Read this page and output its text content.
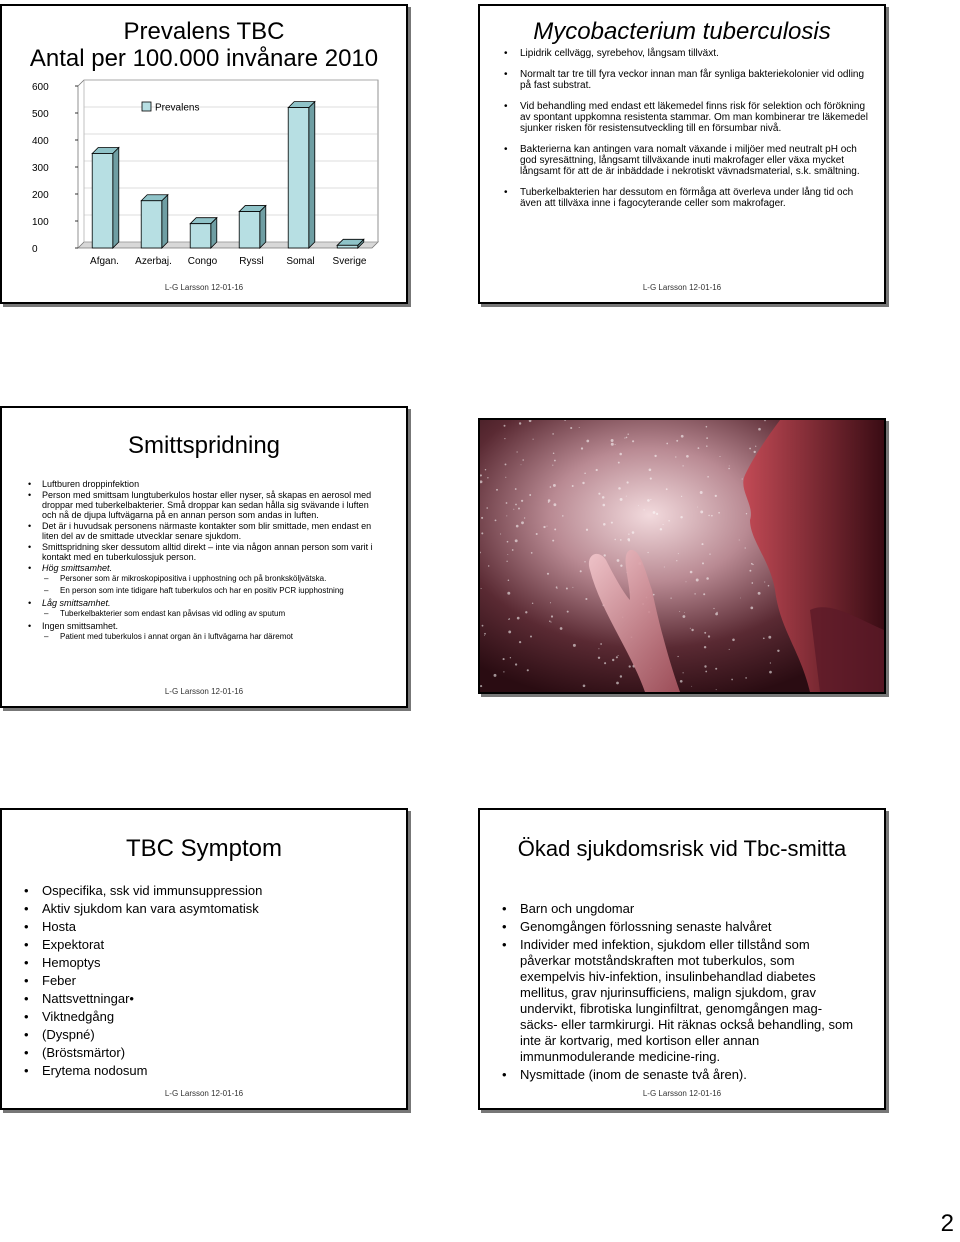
Prevalens TBC
Antal per 100.000 invånare 2010
0
100
200
300
400
500
600
Afgan. Azerbaj. Congo Ryssl Somal Sverige
Prevalens
L-G Larsson 12-01-16
Mycobacterium tuberculosis
• Lipidrik cellvägg, syrebehov, långsam tillväxt.
• Normalt tar tre till fyra veckor innan man får synliga bakteriekolonier vid odling på fast substrat.
• Vid behandling med endast ett läkemedel finns risk för selektion och förökning av spontant uppkomna resistenta stammar. Om man kombinerar tre läkemedel sjunker risken för resistensutveckling till en försumbar nivå.
• Bakterierna kan antingen vara nomalt växande i miljöer med neutralt pH och god syresättning, långsamt tillväxande inuti makrofager eller växa mycket långsamt för att de är inbäddade i nekrotiskt vävnadsmaterial, s.k. smältning.
• Tuberkelbakterien har dessutom en förmåga att överleva under lång tid och även att tillväxa inne i fagocyterande celler som makrofager.
L-G Larsson 12-01-16
Smittspridning
• Luftburen droppinfektion
• Person med smittsam lungtuberkulos hostar eller nyser, så skapas en aerosol med droppar med tuberkelbakterier. Små droppar kan sedan hålla sig svävande i luften och nå de djupa luftvägarna på en annan person som andas in luften.
• Det är i huvudsak personens närmaste kontakter som blir smittade, men endast en liten del av de smittade utvecklar senare sjukdom.
• Smittspridning sker dessutom alltid direkt – inte via någon annan person som varit i kontakt med en tuberkulossjuk person.
• Hög smittsamhet.
– Personer som är mikroskopipositiva i upphostning och på bronksköljvätska.
– En person som inte tidigare haft tuberkulos och har en positiv PCR iupphostning
• Låg smittsamhet.
– Tuberkelbakterier som endast kan påvisas vid odling av sputum
• Ingen smittsamhet.
– Patient med tuberkulos i annat organ än i luftvägarna har däremot
L-G Larsson 12-01-16
TBC Symptom
• Ospecifika, ssk vid immunsuppression
• Aktiv sjukdom kan vara asymtomatisk
• Hosta
• Expektorat
• Hemoptys
• Feber
• Nattsvettningar•
• Viktnedgång
• (Dyspné)
• (Bröstsmärtor)
• Erytema nodosum
L-G Larsson 12-01-16
Ökad sjukdomsrisk vid Tbc-smitta
• Barn och ungdomar
• Genomgången förlossning senaste halvåret
• Individer med infektion, sjukdom eller tillstånd som påverkar motståndskraften mot tuberkulos, som exempelvis hiv-infektion, insulinbehandlad diabetes mellitus, grav njurinsufficiens, malign sjukdom, grav undervikt, fibrotiska lunginfiltrat, genomgången mag-säcks- eller tarmkirurgi. Hit räknas också behandling, som inte är kortvarig, med kortison eller annan immunmodulerande medicine-ring.
• Nysmittade (inom de senaste två åren).
L-G Larsson 12-01-16
2
